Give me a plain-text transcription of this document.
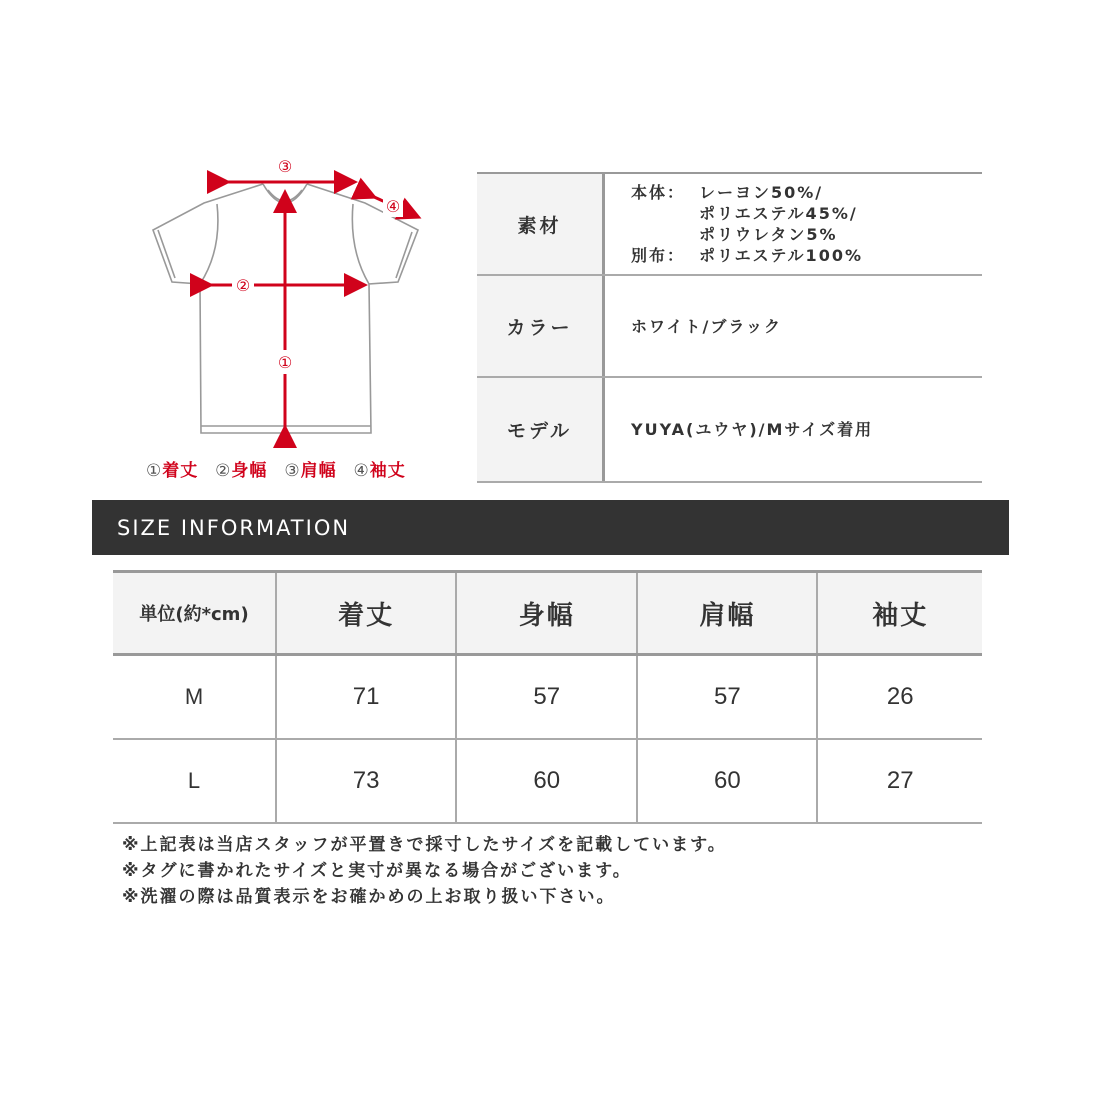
③
②
①
④
①着丈 ②身幅 ③肩幅 ④袖丈
素材
本体： レーヨン50%/
ポリエステル45%/
ポリウレタン5%
別布： ポリエステル100%
カラー	ホワイト/ブラック
モデル	YUYA(ユウヤ)/Mサイズ着用
SIZE INFORMATION
単位(約*cm)	着丈	身幅	肩幅	袖丈
M	71	57	57	26
L	73	60	60	27
※上記表は当店スタッフが平置きで採寸したサイズを記載しています。
※タグに書かれたサイズと実寸が異なる場合がございます。
※洗濯の際は品質表示をお確かめの上お取り扱い下さい。
